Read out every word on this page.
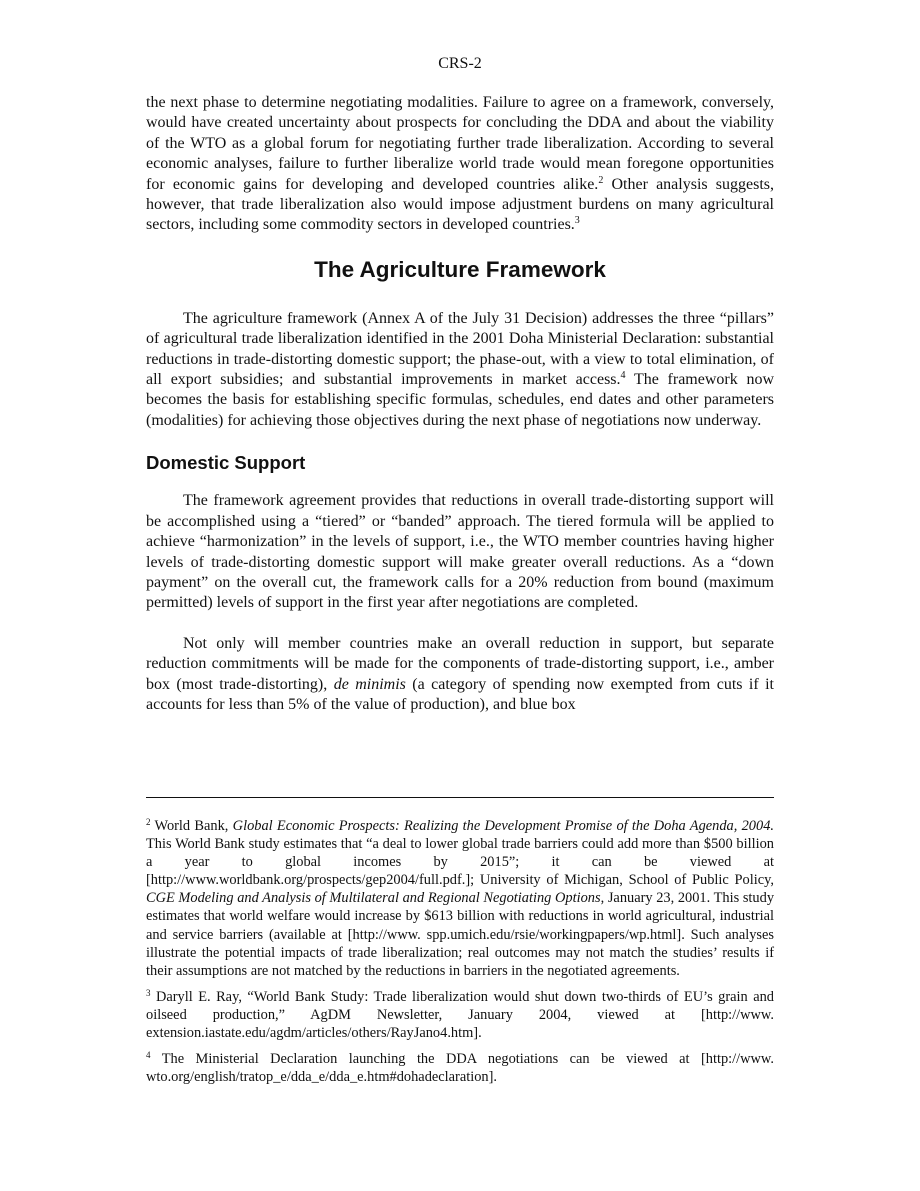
CRS-2

the next phase to determine negotiating modalities. Failure to agree on a framework, conversely, would have created uncertainty about prospects for concluding the DDA and about the viability of the WTO as a global forum for negotiating further trade liberalization. According to several economic analyses, failure to further liberalize world trade would mean foregone opportunities for economic gains for developing and developed countries alike.$^2$ Other analysis suggests, however, that trade liberalization also would impose adjustment burdens on many agricultural sectors, including some commodity sectors in developed countries.$^3$

The Agriculture Framework

The agriculture framework (Annex A of the July 31 Decision) addresses the three “pillars” of agricultural trade liberalization identified in the 2001 Doha Ministerial Declaration: substantial reductions in trade-distorting domestic support; the phase-out, with a view to total elimination, of all export subsidies; and substantial improvements in market access.$^4$ The framework now becomes the basis for establishing specific formulas, schedules, end dates and other parameters (modalities) for achieving those objectives during the next phase of negotiations now underway.

Domestic Support

The framework agreement provides that reductions in overall trade-distorting support will be accomplished using a “tiered” or “banded” approach. The tiered formula will be applied to achieve “harmonization” in the levels of support, i.e., the WTO member countries having higher levels of trade-distorting domestic support will make greater overall reductions. As a “down payment” on the overall cut, the framework calls for a 20% reduction from bound (maximum permitted) levels of support in the first year after negotiations are completed.

Not only will member countries make an overall reduction in support, but separate reduction commitments will be made for the components of trade-distorting support, i.e., amber box (most trade-distorting), de minimis (a category of spending now exempted from cuts if it accounts for less than 5% of the value of production), and blue box

$^2$ World Bank, Global Economic Prospects: Realizing the Development Promise of the Doha Agenda, 2004. This World Bank study estimates that “a deal to lower global trade barriers could add more than $500 billion a year to global incomes by 2015”; it can be viewed at [http://www.worldbank.org/prospects/gep2004/full.pdf.]; University of Michigan, School of Public Policy, CGE Modeling and Analysis of Multilateral and Regional Negotiating Options, January 23, 2001. This study estimates that world welfare would increase by $613 billion with reductions in world agricultural, industrial and service barriers (available at [http://www. spp.umich.edu/rsie/workingpapers/wp.html]. Such analyses illustrate the potential impacts of trade liberalization; real outcomes may not match the studies’ results if their assumptions are not matched by the reductions in barriers in the negotiated agreements.

$^3$ Daryll E. Ray, “World Bank Study: Trade liberalization would shut down two-thirds of EU’s grain and oilseed production,” AgDM Newsletter, January 2004, viewed at [http://www. extension.iastate.edu/agdm/articles/others/RayJano4.htm].

$^4$ The Ministerial Declaration launching the DDA negotiations can be viewed at [http://www. wto.org/english/tratop_e/dda_e/dda_e.htm#dohadeclaration].
